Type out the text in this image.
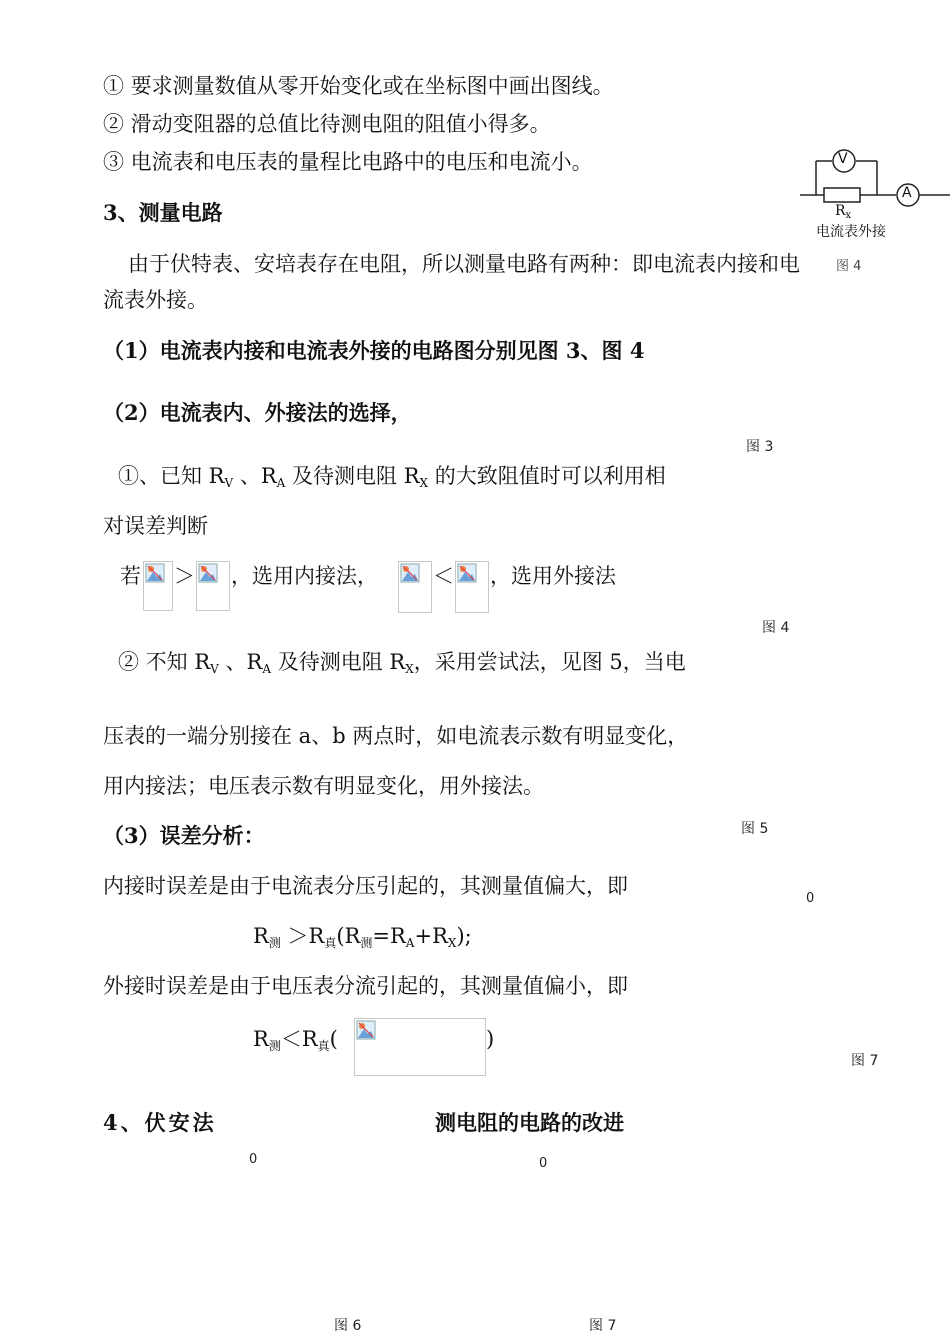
① 要求测量数值从零开始变化或在坐标图中画出图线。
② 滑动变阻器的总值比待测电阻的阻值小得多。
③ 电流表和电压表的量程比电路中的电压和电流小。
3、测量电路
由于伏特表、安培表存在电阻，所以测量电路有两种：即电流表内接和电
流表外接。
（1）电流表内接和电流表外接的电路图分别见图 3、图 4
（2）电流表内、外接法的选择，
①、已知 RV 、RA 及待测电阻 RX 的大致阻值时可以利用相
对误差判断
若 ＞ ，选用内接法，	＜ ，选用外接法
② 不知 RV 、RA 及待测电阻 RX，采用尝试法，见图 5，当电
压表的一端分别接在 a、b 两点时，如电流表示数有明显变化，
用内接法；电压表示数有明显变化，用外接法。
（3）误差分析：
内接时误差是由于电流表分压引起的，其测量值偏大，即
R测 ＞R真(R测=RA+RX);
外接时误差是由于电压表分流引起的，其测量值偏小，即
R测＜R真(	)
4、伏安法	测电阻的电路的改进
图 3
图 4
图 5
0
图 7
0	0
图 6	图 7
图 4
V
A
$R_x$
电流表外接
